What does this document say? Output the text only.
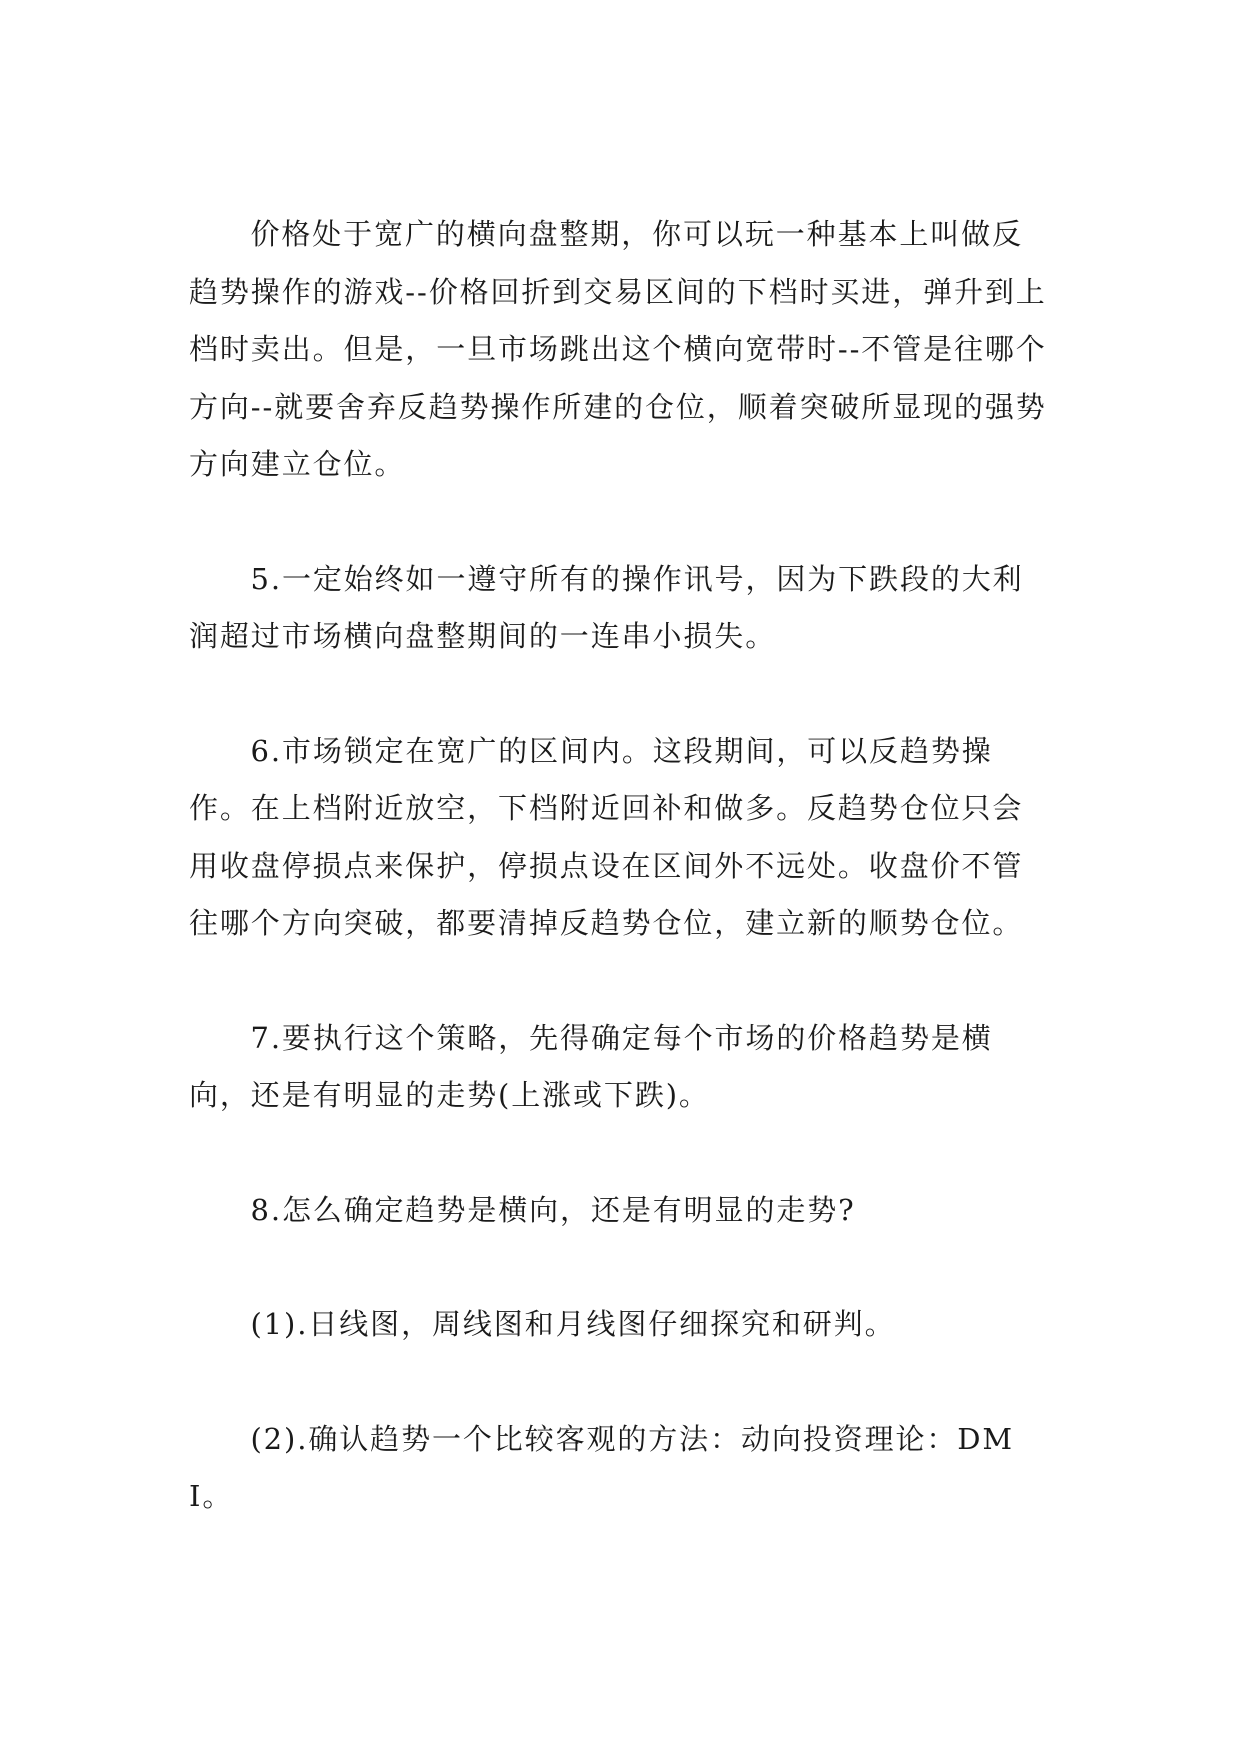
价格处于宽广的横向盘整期，你可以玩一种基本上叫做反趋势操作的游戏--价格回折到交易区间的下档时买进，弹升到上档时卖出。但是，一旦市场跳出这个横向宽带时--不管是往哪个方向--就要舍弃反趋势操作所建的仓位，顺着突破所显现的强势方向建立仓位。

5.一定始终如一遵守所有的操作讯号，因为下跌段的大利润超过市场横向盘整期间的一连串小损失。

6.市场锁定在宽广的区间内。这段期间，可以反趋势操作。在上档附近放空，下档附近回补和做多。反趋势仓位只会用收盘停损点来保护，停损点设在区间外不远处。收盘价不管往哪个方向突破，都要清掉反趋势仓位，建立新的顺势仓位。

7.要执行这个策略，先得确定每个市场的价格趋势是横向，还是有明显的走势(上涨或下跌)。

8.怎么确定趋势是横向，还是有明显的走势?

(1).日线图，周线图和月线图仔细探究和研判。

(2).确认趋势一个比较客观的方法：动向投资理论：DMI。
